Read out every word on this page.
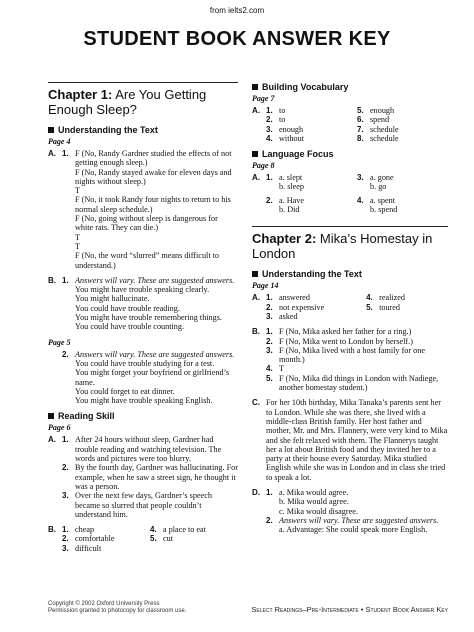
from ielts2.com
STUDENT BOOK ANSWER KEY
Chapter 1: Are You Getting Enough Sleep?
Understanding the Text
Page 4
A. 1. F (No, Randy Gardner studied the effects of not getting enough sleep.)
F (No, Randy stayed awake for eleven days and nights without sleep.)
T
F (No, it took Randy four nights to return to his normal sleep schedule.)
F (No, going without sleep is dangerous for white rats. They can die.)
T
T
F (No, the word “slurred” means difficult to understand.)
B. 1. Answers will vary. These are suggested answers.
You might have trouble speaking clearly.
You might hallucinate.
You could have trouble reading.
You might have trouble remembering things.
You could have trouble counting.
Page 5
2. Answers will vary. These are suggested answers.
You could have trouble studying for a test.
You might forget your boyfriend or girlfriend’s name.
You could forget to eat dinner.
You might have trouble speaking English.
Reading Skill
Page 6
A. 1. After 24 hours without sleep, Gardner had trouble reading and watching television. The words and pictures were too blurry.
2. By the fourth day, Gardner was hallucinating. For example, when he saw a street sign, he thought it was a person.
3. Over the next few days, Gardner’s speech became so slurred that people couldn’t understand him.
B. 1. cheap
2. comfortable
3. difficult
4. a place to eat
5. cut
Building Vocabulary
Page 7
A. 1. to
2. to
3. enough
4. without
5. enough
6. spend
7. schedule
8. schedule
Language Focus
Page 8
A. 1. a. slept
b. sleep
2. a. Have
b. Did
3. a. gone
b. go
4. a. spent
b. spend
Chapter 2: Mika’s Homestay in London
Understanding the Text
Page 14
A. 1. answered
2. not expensive
3. asked
4. realized
5. toured
B. 1. F (No, Mika asked her father for a ring.)
2. F (No, Mika went to London by herself.)
3. F (No, Mika lived with a host family for one month.)
4. T
5. F (No, Mika did things in London with Nadiege, another homestay student.)
C. For her 10th birthday, Mika Tanaka’s parents sent her to London. While she was there, she lived with a middle-class British family. Her host father and mother, Mr. and Mrs. Flannery, were very kind to Mika and she felt relaxed with them. The Flannerys taught her a lot about British food and they invited her to a party at their house every Saturday. Mika studied English while she was in London and in class she tried to speak a lot.
D. 1. a. Mika would agree.
b. Mika would agree.
c. Mika would disagree.
2. Answers will vary. These are suggested answers.
a. Advantage: She could speak more English.
Copyright © 2002 Oxford University Press
Permission granted to photocopy for classroom use.	Select Readings–Pre-Intermediate • Student Book Answer Key
